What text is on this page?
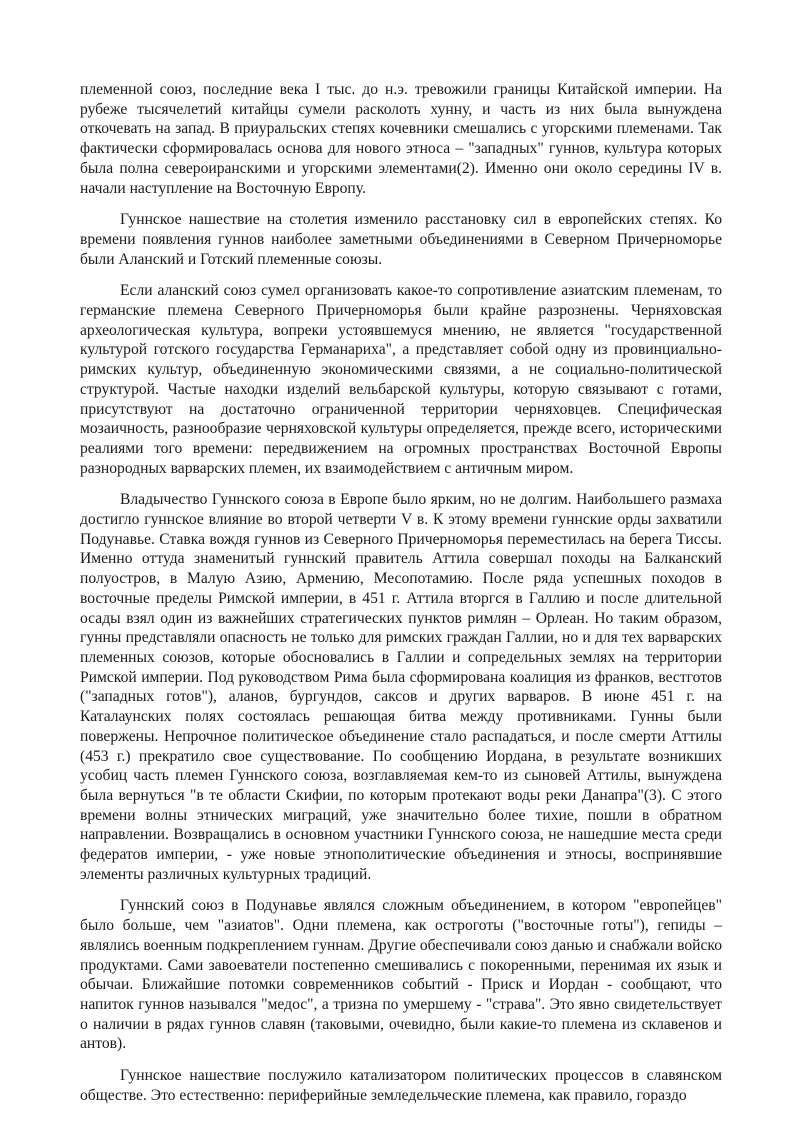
племенной союз, последние века I тыс. до н.э. тревожили границы Китайской империи. На рубеже тысячелетий китайцы сумели расколоть хунну, и часть из них была вынуждена откочевать на запад. В приуральских степях кочевники смешались с угорскими племенами. Так фактически сформировалась основа для нового этноса – "западных" гуннов, культура которых была полна североиранскими и угорскими элементами(2). Именно они около середины IV в. начали наступление на Восточную Европу.

Гуннское нашествие на столетия изменило расстановку сил в европейских степях. Ко времени появления гуннов наиболее заметными объединениями в Северном Причерноморье были Аланский и Готский племенные союзы.

Если аланский союз сумел организовать какое-то сопротивление азиатским племенам, то германские племена Северного Причерноморья были крайне разрознены. Черняховская археологическая культура, вопреки устоявшемуся мнению, не является "государственной культурой готского государства Германариха", а представляет собой одну из провинциально-римских культур, объединенную экономическими связями, а не социально-политической структурой. Частые находки изделий вельбарской культуры, которую связывают с готами, присутствуют на достаточно ограниченной территории черняховцев. Специфическая мозаичность, разнообразие черняховской культуры определяется, прежде всего, историческими реалиями того времени: передвижением на огромных пространствах Восточной Европы разнородных варварских племен, их взаимодействием с античным миром.

Владычество Гуннского союза в Европе было ярким, но не долгим. Наибольшего размаха достигло гуннское влияние во второй четверти V в. К этому времени гуннские орды захватили Подунавье. Ставка вождя гуннов из Северного Причерноморья переместилась на берега Тиссы. Именно оттуда знаменитый гуннский правитель Аттила совершал походы на Балканский полуостров, в Малую Азию, Армению, Месопотамию. После ряда успешных походов в восточные пределы Римской империи, в 451 г. Аттила вторгся в Галлию и после длительной осады взял один из важнейших стратегических пунктов римлян – Орлеан. Но таким образом, гунны представляли опасность не только для римских граждан Галлии, но и для тех варварских племенных союзов, которые обосновались в Галлии и сопредельных землях на территории Римской империи. Под руководством Рима была сформирована коалиция из франков, вестготов ("западных готов"), аланов, бургундов, саксов и других варваров. В июне 451 г. на Каталаунских полях состоялась решающая битва между противниками. Гунны были повержены. Непрочное политическое объединение стало распадаться, и после смерти Аттилы (453 г.) прекратило свое существование. По сообщению Иордана, в результате возникших усобиц часть племен Гуннского союза, возглавляемая кем-то из сыновей Аттилы, вынуждена была вернуться "в те области Скифии, по которым протекают воды реки Данапра"(3). С этого времени волны этнических миграций, уже значительно более тихие, пошли в обратном направлении. Возвращались в основном участники Гуннского союза, не нашедшие места среди федератов империи, - уже новые этнополитические объединения и этносы, воспринявшие элементы различных культурных традиций.

Гуннский союз в Подунавье являлся сложным объединением, в котором "европейцев" было больше, чем "азиатов". Одни племена, как остроготы ("восточные готы"), гепиды – являлись военным подкреплением гуннам. Другие обеспечивали союз данью и снабжали войско продуктами. Сами завоеватели постепенно смешивались с покоренными, перенимая их язык и обычаи. Ближайшие потомки современников событий - Приск и Иордан - сообщают, что напиток гуннов назывался "медос", а тризна по умершему - "страва". Это явно свидетельствует о наличии в рядах гуннов славян (таковыми, очевидно, были какие-то племена из склавенов и антов).

Гуннское нашествие послужило катализатором политических процессов в славянском обществе. Это естественно: периферийные земледельческие племена, как правило, гораздо
